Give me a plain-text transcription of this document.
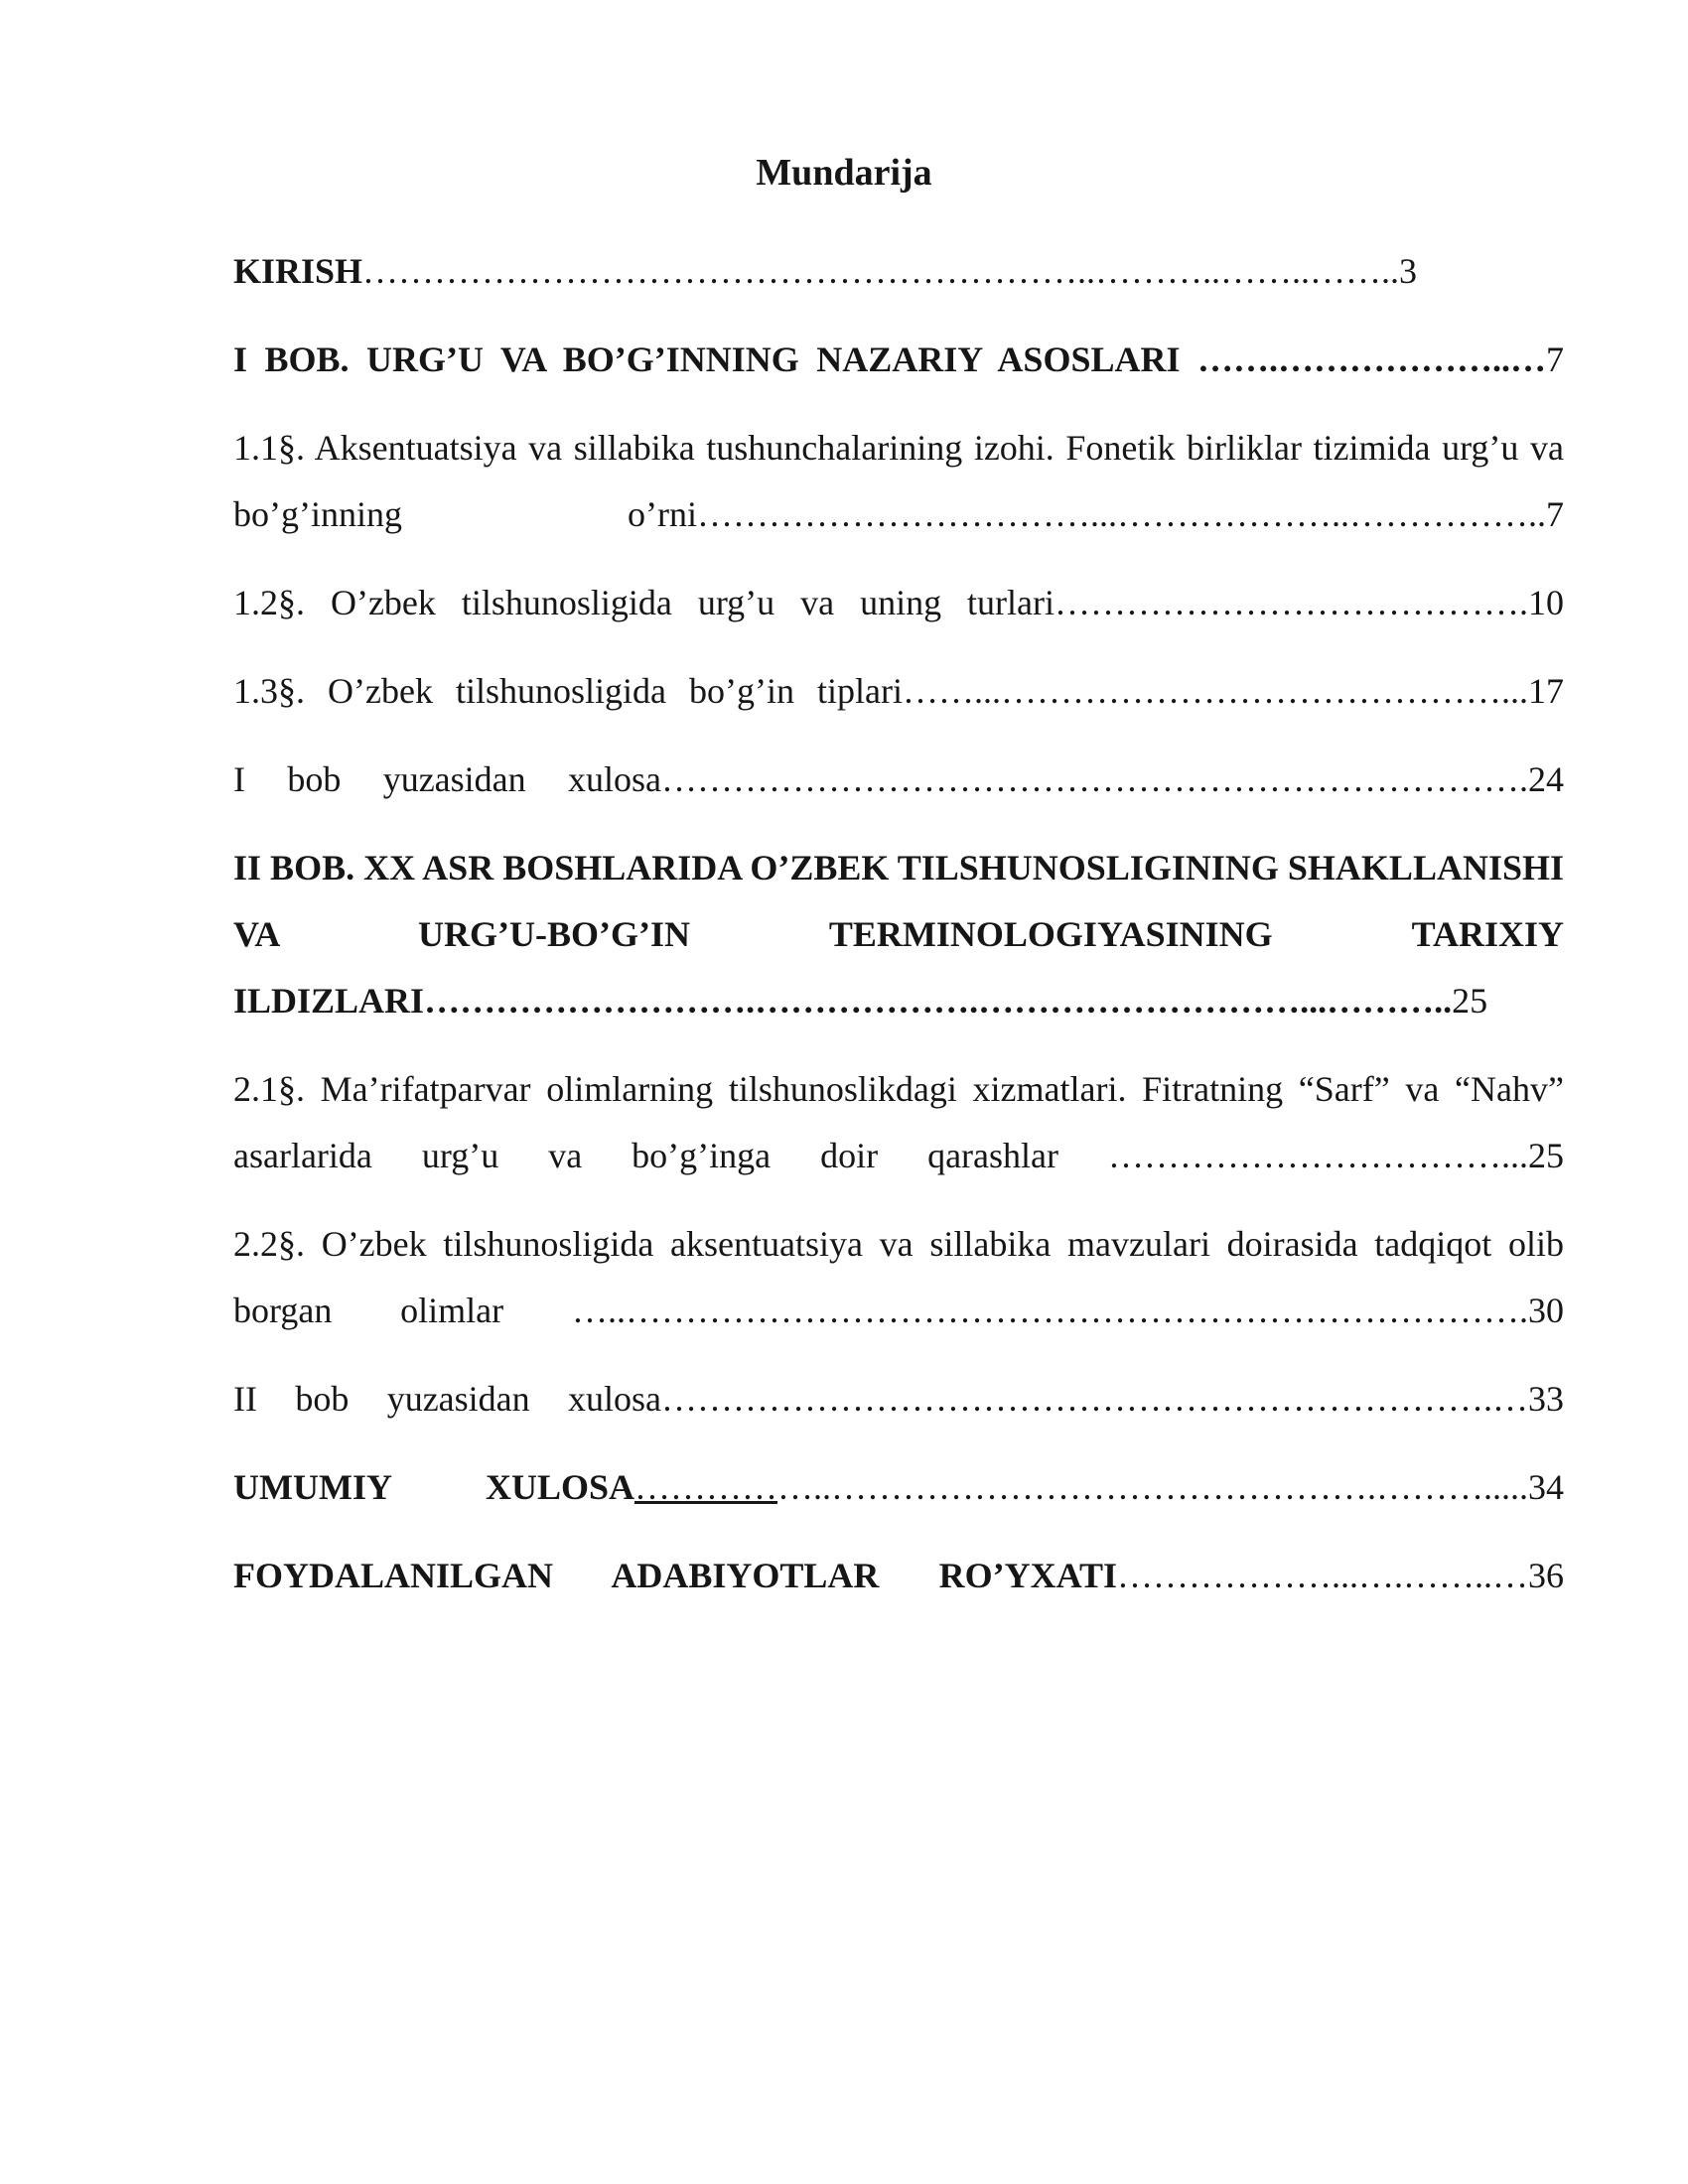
Mundarija
KIRISH……………………………………………………..………..……..……..3
I BOB. URG’U VA BO’G’INNING NAZARIY ASOSLARI …….………………..…7
1.1§. Aksentuatsiya va sillabika tushunchalarining izohi. Fonetik birliklar tizimida urg’u va bo’g’inning o’rni……………………………...………………..……………..7
1.2§. O’zbek tilshunosligida urg’u va uning turlari………………………………….10
1.3§. O’zbek tilshunosligida bo’g’in tiplari……...……………………………………...17
I bob yuzasidan xulosa……………………………………………………………….24
II BOB. XX ASR BOSHLARIDA O’ZBEK TILSHUNOSLIGINING SHAKLLANISHI VA URG’U-BO’G’IN TERMINOLOGIYASINING TARIXIY ILDIZLARI……………………….……………….………………………...………..25
2.1§. Ma’rifatparvar olimlarning tilshunoslikdagi xizmatlari. Fitratning “Sarf” va “Nahv” asarlarida urg’u va bo’g’inga doir qarashlar ……………………………...25
2.2§. O’zbek tilshunosligida aksentuatsiya va sillabika mavzulari doirasida tadqiqot olib borgan olimlar …..………………………………………………………………….30
II bob yuzasidan xulosa…………………………………………………………….…33
UMUMIY XULOSA……………..……………………………………….……….....34
FOYDALANILGAN ADABIYOTLAR RO’YXATI………………...….……..…36
